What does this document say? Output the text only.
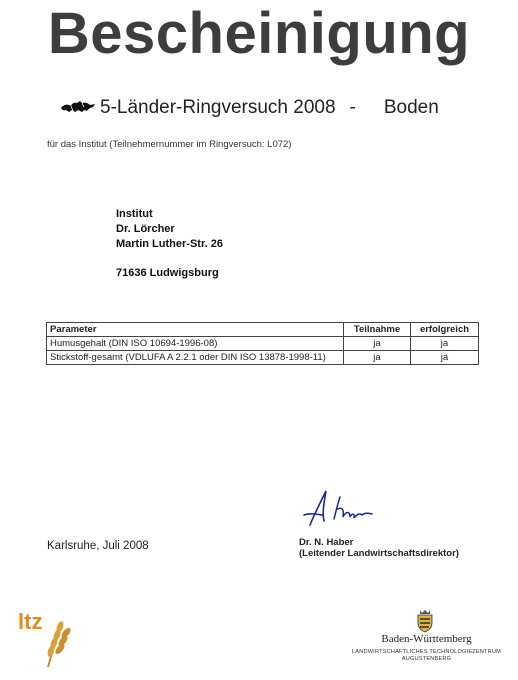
Bescheinigung
5-Länder-Ringversuch 2008 - Boden
für das Institut (Teilnehmernummer im Ringversuch: L072)
Institut
Dr. Lörcher
Martin Luther-Str. 26
71636 Ludwigsburg
Parameter	Teilnahme	erfolgreich
Humusgehalt (DIN ISO 10694-1996-08)	ja	ja
Stickstoff-gesamt (VDLUFA A 2.2.1 oder DIN ISO 13878-1998-11)	ja	ja
Karlsruhe, Juli 2008	Dr. N. Haber
(Leitender Landwirtschaftsdirektor)
ltz
Baden-Württemberg
LANDWIRTSCHAFTLICHES TECHNOLOGIEZENTRUM
AUGUSTENBERG
